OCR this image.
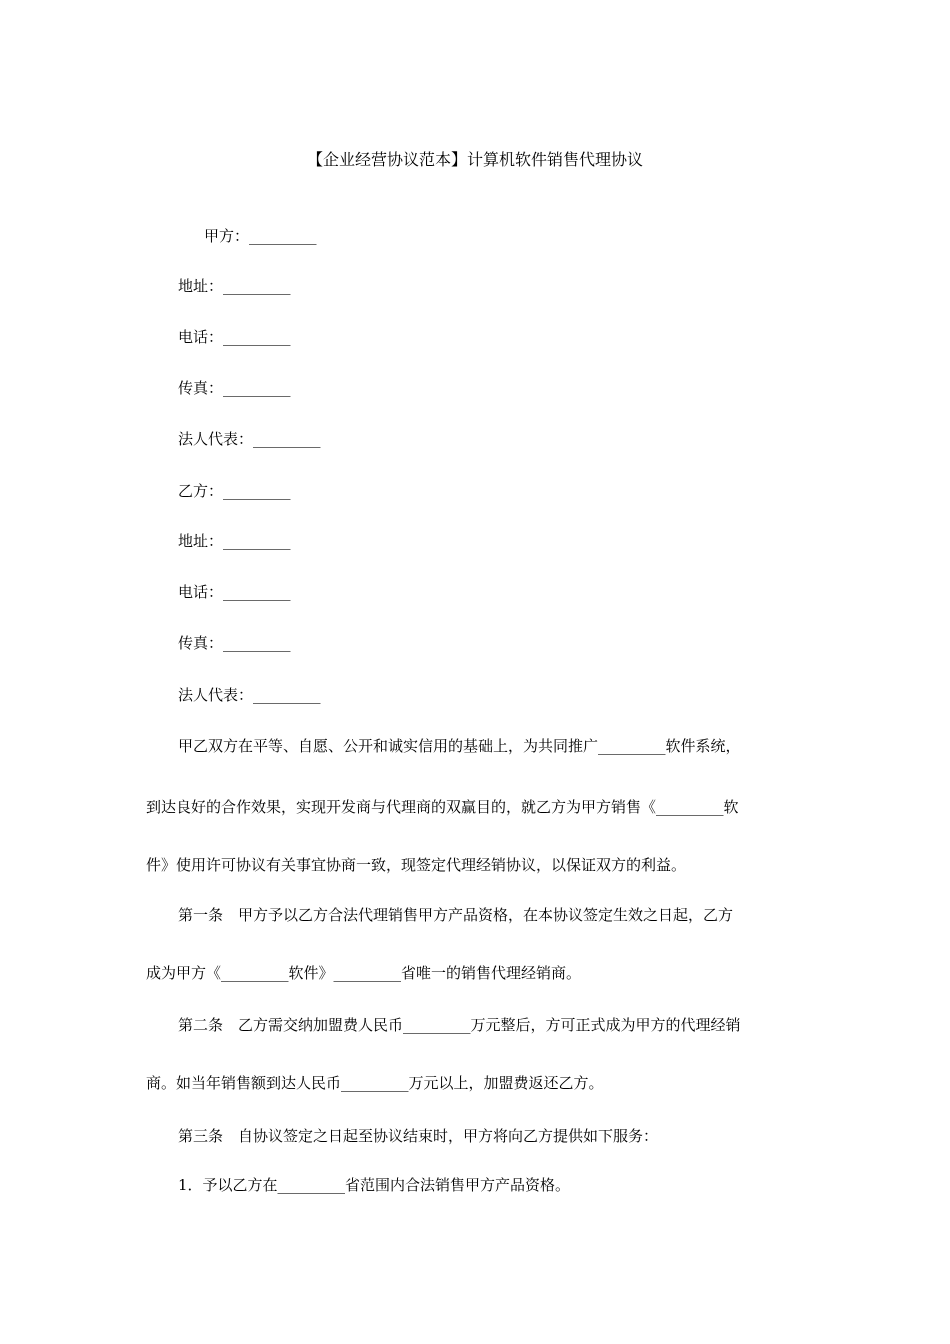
【企业经营协议范本】计算机软件销售代理协议
甲方：_________
地址：_________
电话：_________
传真：_________
法人代表：_________
乙方：_________
地址：_________
电话：_________
传真：_________
法人代表：_________
甲乙双方在平等、自愿、公开和诚实信用的基础上，为共同推广_________软件系统，
到达良好的合作效果，实现开发商与代理商的双赢目的，就乙方为甲方销售《_________软
件》使用许可协议有关事宜协商一致，现签定代理经销协议，以保证双方的利益。
第一条　甲方予以乙方合法代理销售甲方产品资格，在本协议签定生效之日起，乙方
成为甲方《_________软件》_________省唯一的销售代理经销商。
第二条　乙方需交纳加盟费人民币_________万元整后，方可正式成为甲方的代理经销
商。如当年销售额到达人民币_________万元以上，加盟费返还乙方。
第三条　自协议签定之日起至协议结束时，甲方将向乙方提供如下服务：
1．予以乙方在_________省范围内合法销售甲方产品资格。
